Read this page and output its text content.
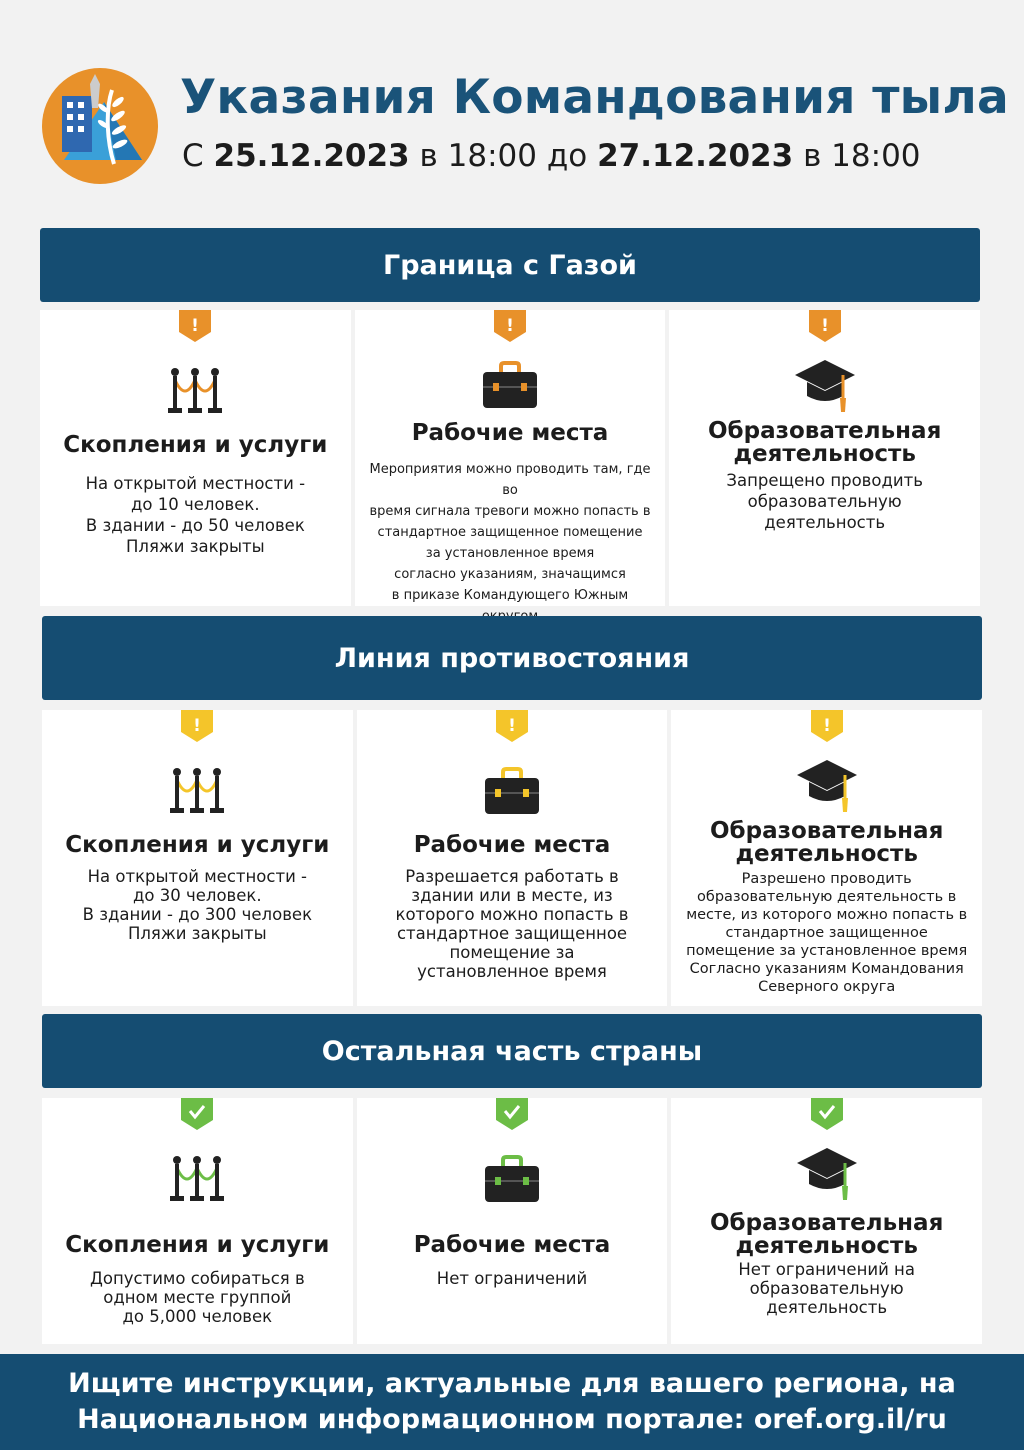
Указания Командования тыла
С 25.12.2023 в 18:00 до 27.12.2023 в 18:00
Граница с Газой
!
Скопления и услуги
На открытой местности -
до 10 человек.
В здании - до 50 человек
Пляжи закрыты
!
Рабочие места
Мероприятия можно проводить там, где во
время сигнала тревоги можно попасть в
стандартное защищенное помещение
за установленное время
согласно указаниям, значащимся
в приказе Командующего Южным
!
Образовательная деятельность
Запрещено проводить
образовательную
деятельность
Линия противостояния
!
Скопления и услуги
На открытой местности -
до 30 человек.
В здании - до 300 человек
Пляжи закрыты
!
Рабочие места
Разрешается работать в
здании или в месте, из
которого можно попасть в
стандартное защищенное
помещение за
установленное время
!
Образовательная деятельность
Разрешено проводить
образовательную деятельность в
месте, из которого можно попасть в
стандартное защищенное
помещение за установленное время
Согласно указаниям Командования
Северного округа
Остальная часть страны
Скопления и услуги
Допустимо собираться в
одном месте группой
до 5,000 человек
Рабочие места
Нет ограничений
Образовательная деятельность
Нет ограничений на
образовательную
деятельность
Ищите инструкции, актуальные для вашего региона, на
Национальном информационном портале: oref.org.il/ru
